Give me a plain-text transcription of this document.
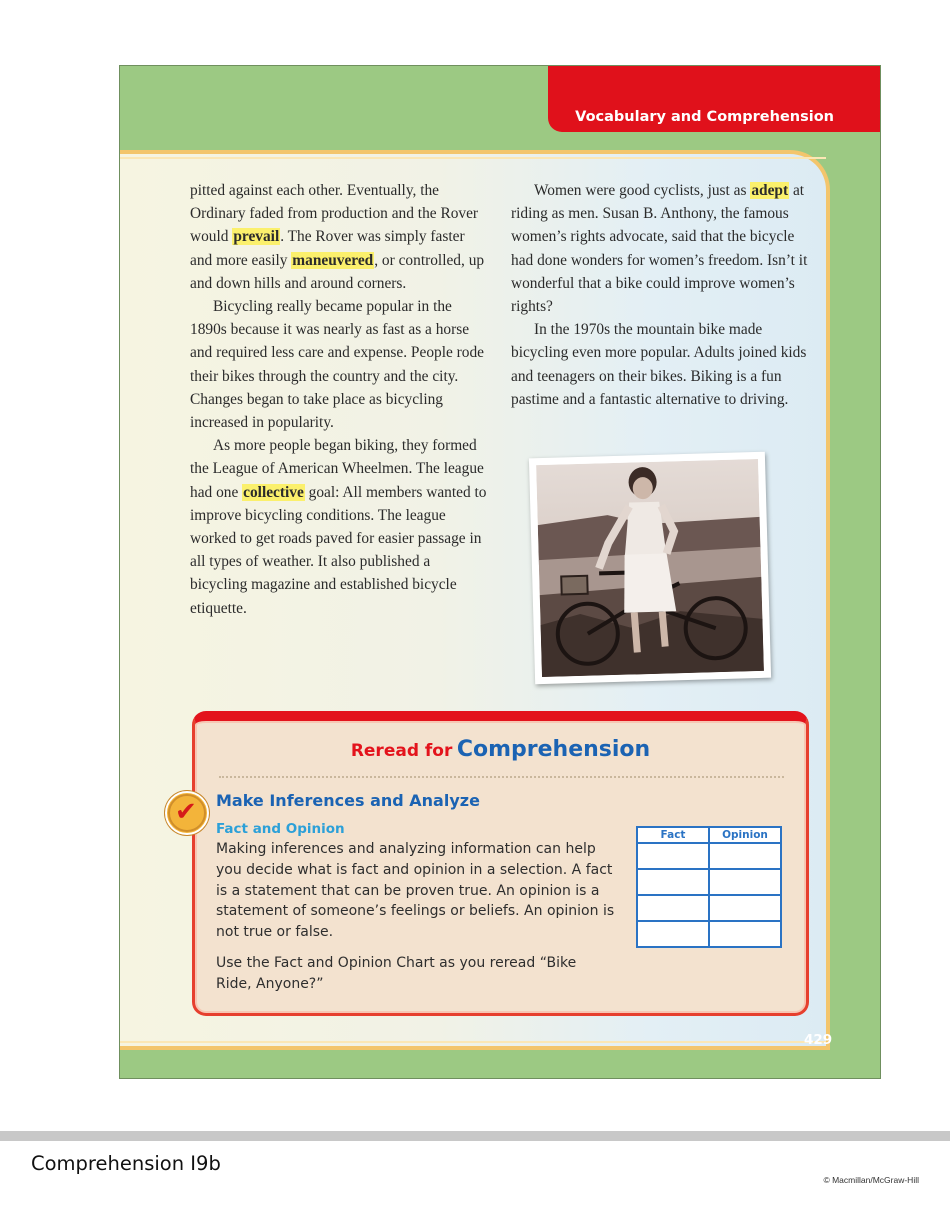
Vocabulary and Comprehension

pitted against each other. Eventually, the Ordinary faded from production and the Rover would prevail. The Rover was simply faster and more easily maneuvered, or controlled, up and down hills and around corners.

Bicycling really became popular in the 1890s because it was nearly as fast as a horse and required less care and expense. People rode their bikes through the country and the city. Changes began to take place as bicycling increased in popularity.

As more people began biking, they formed the League of American Wheelmen. The league had one collective goal: All members wanted to improve bicycling conditions. The league worked to get roads paved for easier passage in all types of weather. It also published a bicycling magazine and established bicycle etiquette.

Women were good cyclists, just as adept at riding as men. Susan B. Anthony, the famous women’s rights advocate, said that the bicycle had done wonders for women’s freedom. Isn’t it wonderful that a bike could improve women’s rights?

In the 1970s the mountain bike made bicycling even more popular. Adults joined kids and teenagers on their bikes. Biking is a fun pastime and a fantastic alternative to driving.

Reread for Comprehension
✔ Make Inferences and Analyze
Fact and Opinion
Making inferences and analyzing information can help you decide what is fact and opinion in a selection. A fact is a statement that can be proven true. An opinion is a statement of someone’s feelings or beliefs. An opinion is not true or false.
Use the Fact and Opinion Chart as you reread “Bike Ride, Anyone?”
Fact	Opinion

429
Comprehension I9b
© Macmillan/McGraw-Hill
